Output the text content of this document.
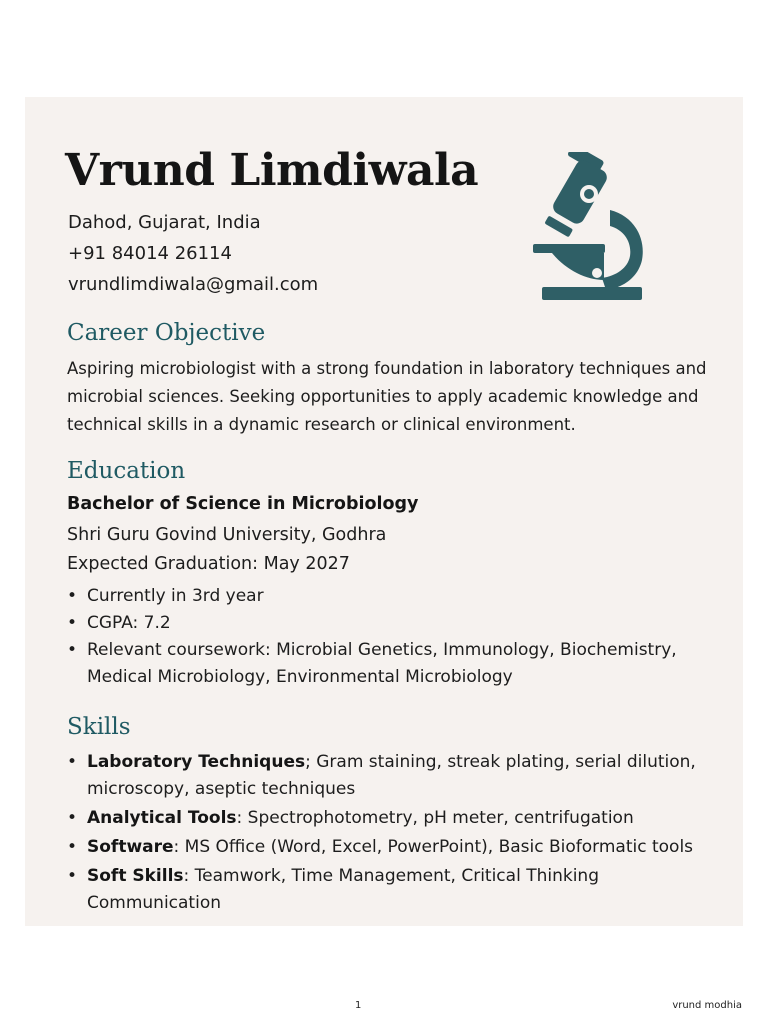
Vrund Limdiwala
Dahod, Gujarat, India
+91 84014 26114
vrundlimdiwala@gmail.com
Career Objective

Aspiring microbiologist with a strong foundation in laboratory techniques and microbial sciences. Seeking opportunities to apply academic knowledge and technical skills in a dynamic research or clinical environment.

Education
Bachelor of Science in Microbiology
Shri Guru Govind University, Godhra
Expected Graduation: May 2027
• Currently in 3rd year
• CGPA: 7.2
• Relevant coursework: Microbial Genetics, Immunology, Biochemistry, Medical Microbiology, Environmental Microbiology
Skills
• Laboratory Techniques; Gram staining, streak plating, serial dilution, microscopy, aseptic techniques
• Analytical Tools: Spectrophotometry, pH meter, centrifugation
• Software: MS Office (Word, Excel, PowerPoint), Basic Bioformatic tools
• Soft Skills: Teamwork, Time Management, Critical Thinking Communication
1	vrund modhia
